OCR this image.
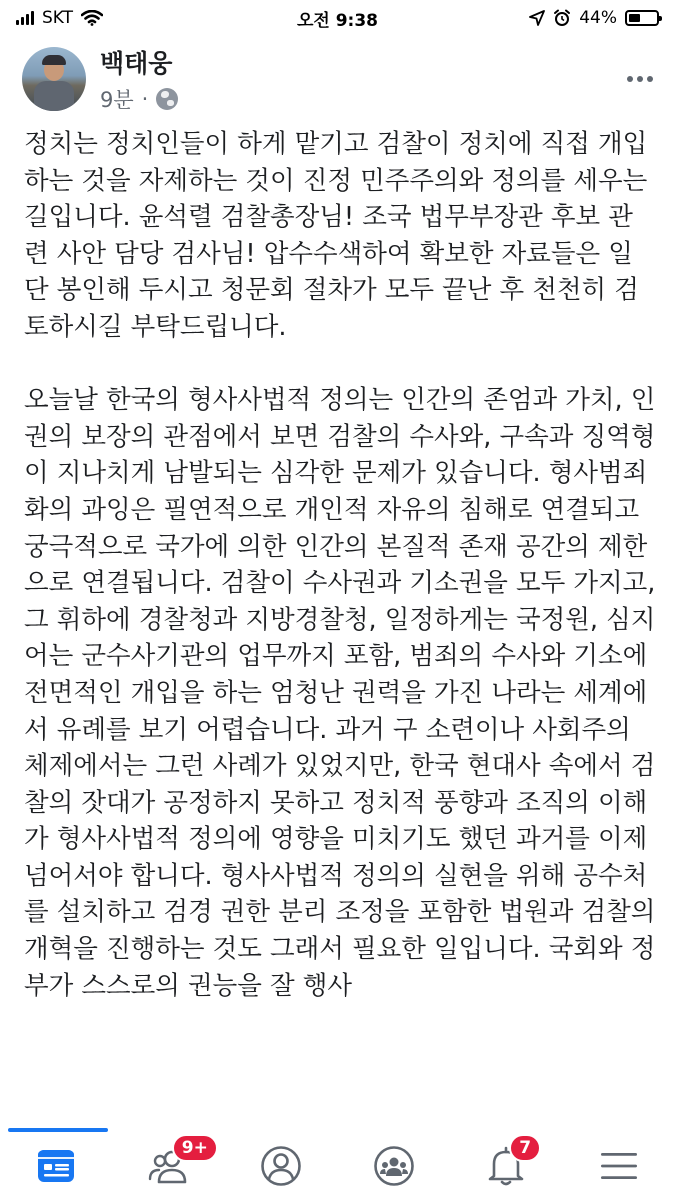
SKT	오전 9:38	44%
백태웅
9분 ·

정치는 정치인들이 하게 맡기고 검찰이 정치에 직접 개입하는 것을 자제하는 것이 진정 민주주의와 정의를 세우는 길입니다. 윤석렬 검찰총장님! 조국 법무부장관 후보 관련 사안 담당 검사님! 압수수색하여 확보한 자료들은 일단 봉인해 두시고 청문회 절차가 모두 끝난 후 천천히 검토하시길 부탁드립니다.

오늘날 한국의 형사사법적 정의는 인간의 존엄과 가치, 인권의 보장의 관점에서 보면 검찰의 수사와, 구속과 징역형이 지나치게 남발되는 심각한 문제가 있습니다. 형사범죄화의 과잉은 필연적으로 개인적 자유의 침해로 연결되고 궁극적으로 국가에 의한 인간의 본질적 존재 공간의 제한으로 연결됩니다. 검찰이 수사권과 기소권을 모두 가지고, 그 휘하에 경찰청과 지방경찰청, 일정하게는 국정원, 심지어는 군수사기관의 업무까지 포함, 범죄의 수사와 기소에 전면적인 개입을 하는 엄청난 권력을 가진 나라는 세계에서 유례를 보기 어렵습니다. 과거 구 소련이나 사회주의 체제에서는 그런 사례가 있었지만, 한국 현대사 속에서 검찰의 잣대가 공정하지 못하고 정치적 풍향과 조직의 이해가 형사사법적 정의에 영향을 미치기도 했던 과거를 이제 넘어서야 합니다. 형사사법적 정의의 실현을 위해 공수처를 설치하고 검경 권한 분리 조정을 포함한 법원과 검찰의 개혁을 진행하는 것도 그래서 필요한 일입니다. 국회와 정부가 스스로의 권능을 잘 행사

9+	7
